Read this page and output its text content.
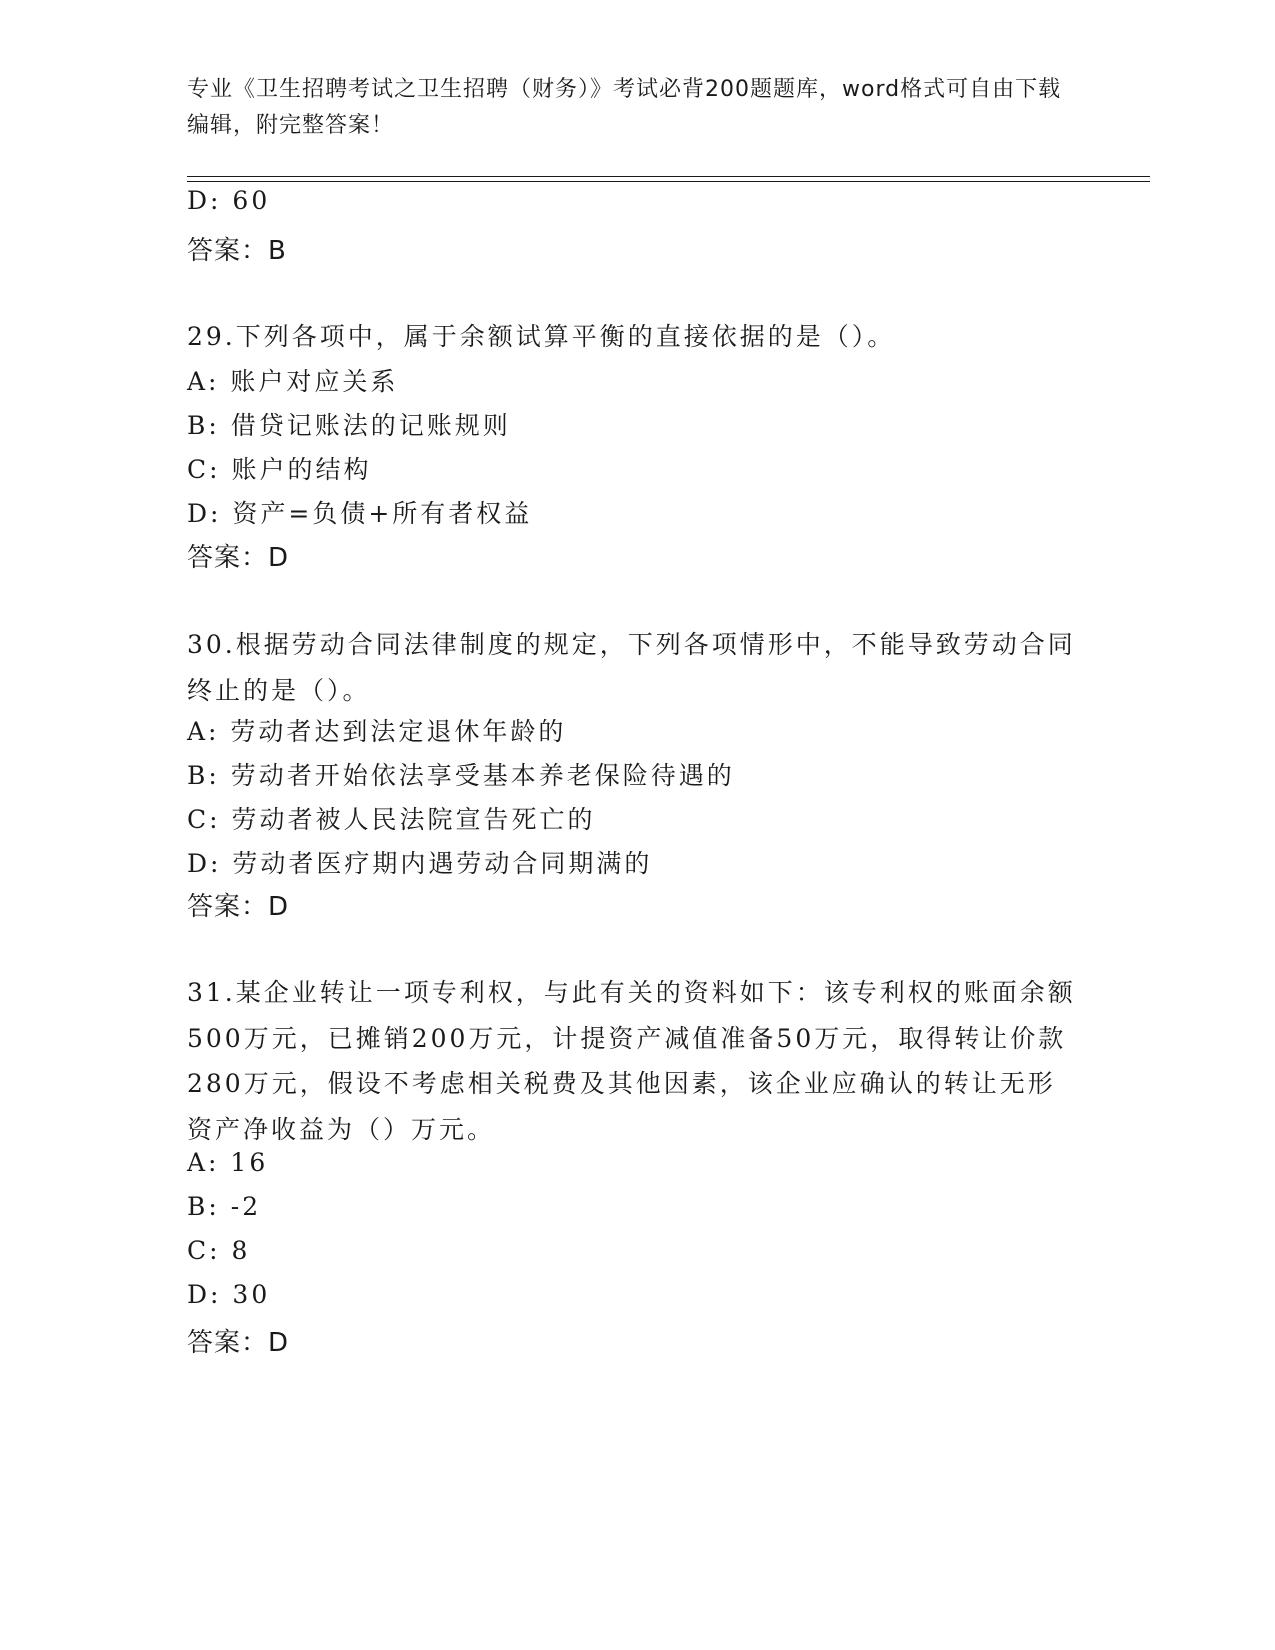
专业《卫生招聘考试之卫生招聘（财务）》考试必背200题题库，word格式可自由下载编辑，附完整答案！
D: 60
答案：B
29.下列各项中，属于余额试算平衡的直接依据的是（）。
A: 账户对应关系
B: 借贷记账法的记账规则
C: 账户的结构
D: 资产=负债+所有者权益
答案：D
30.根据劳动合同法律制度的规定，下列各项情形中，不能导致劳动合同终止的是（）。
A: 劳动者达到法定退休年龄的
B: 劳动者开始依法享受基本养老保险待遇的
C: 劳动者被人民法院宣告死亡的
D: 劳动者医疗期内遇劳动合同期满的
答案：D
31.某企业转让一项专利权，与此有关的资料如下：该专利权的账面余额500万元，已摊销200万元，计提资产减值准备50万元，取得转让价款280万元，假设不考虑相关税费及其他因素，该企业应确认的转让无形资产净收益为（）万元。
A: 16
B: -2
C: 8
D: 30
答案：D
